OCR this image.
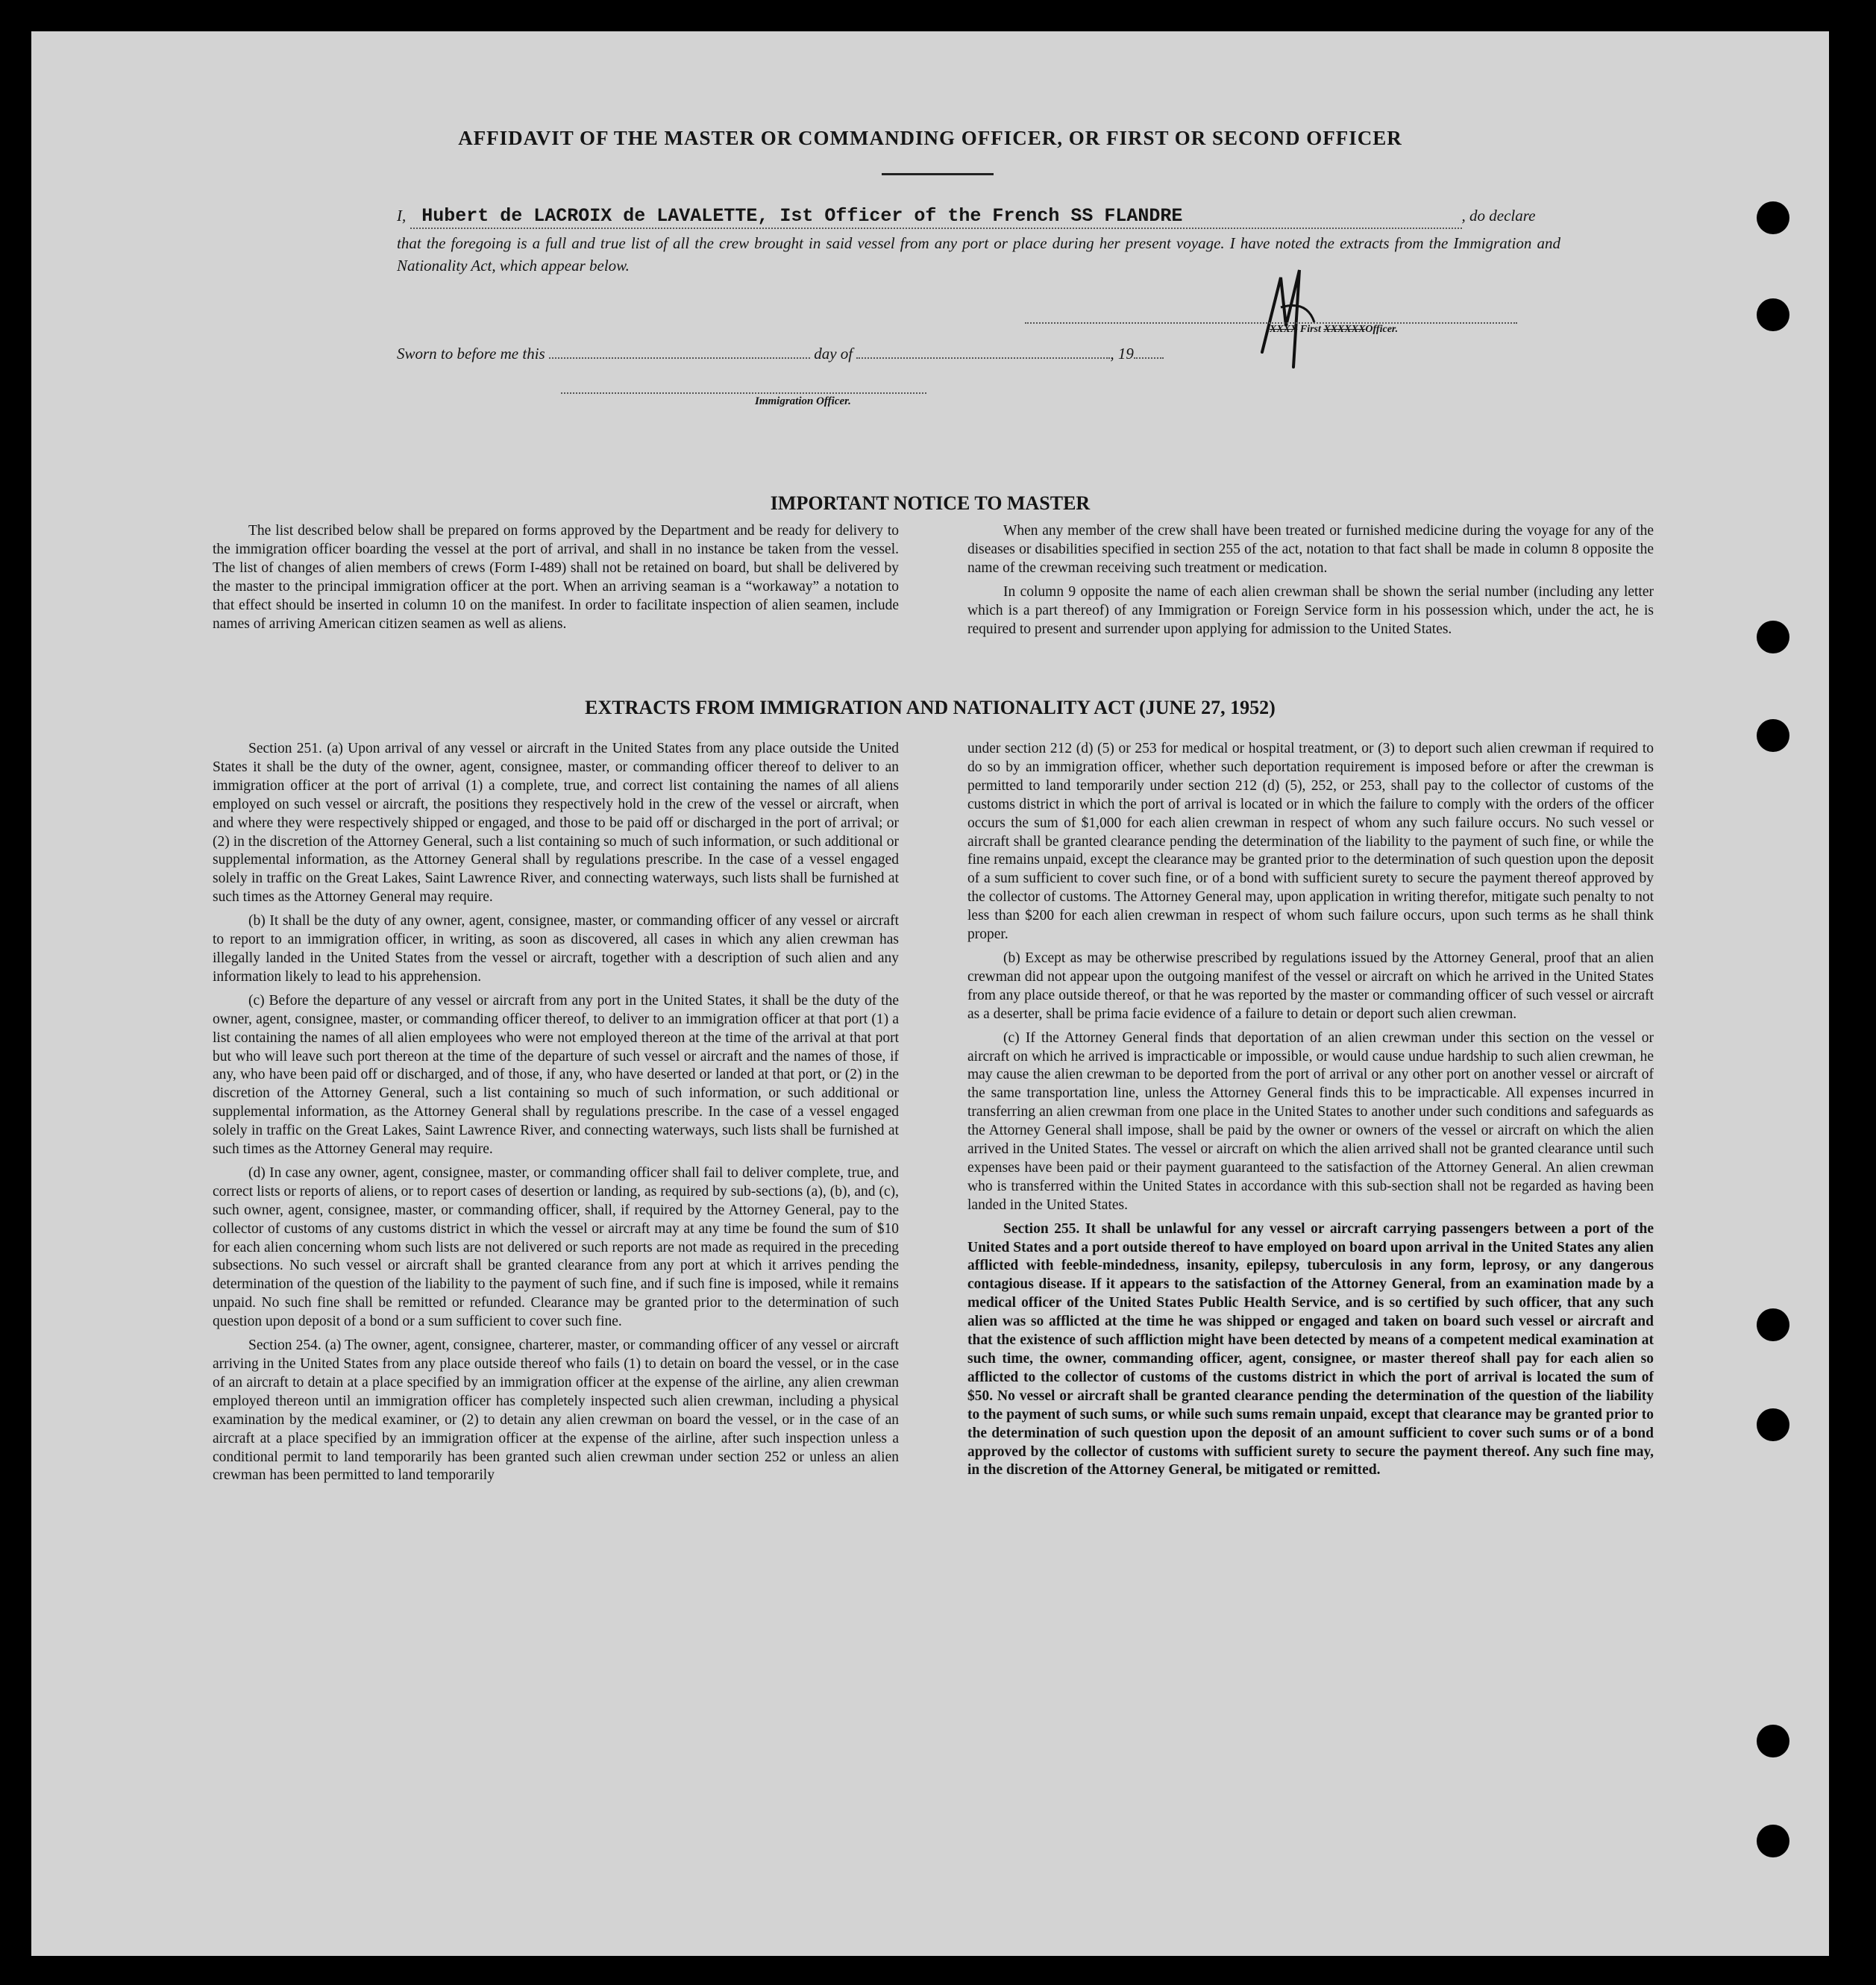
AFFIDAVIT OF THE MASTER OR COMMANDING OFFICER, OR FIRST OR SECOND OFFICER
I, Hubert de LACROIX de LAVALETTE, Ist Officer of the French SS FLANDRE	, do declare
that the foregoing is a full and true list of all the crew brought in said vessel from any port or place during her present voyage. I have noted the extracts from the Immigration and Nationality Act, which appear below.
XXXX First XXXXXXOfficer.
Sworn to before me this	day of	, 19
Immigration Officer.
IMPORTANT NOTICE TO MASTER

The list described below shall be prepared on forms approved by the Department and be ready for delivery to the immigration officer boarding the vessel at the port of arrival, and shall in no instance be taken from the vessel. The list of changes of alien members of crews (Form I-489) shall not be retained on board, but shall be delivered by the master to the principal immigration officer at the port. When an arriving seaman is a “workaway” a notation to that effect should be inserted in column 10 on the manifest. In order to facilitate inspection of alien seamen, include names of arriving American citizen seamen as well as aliens.

When any member of the crew shall have been treated or furnished medicine during the voyage for any of the diseases or disabilities specified in section 255 of the act, notation to that fact shall be made in column 8 opposite the name of the crewman receiving such treatment or medication.

In column 9 opposite the name of each alien crewman shall be shown the serial number (including any letter which is a part thereof) of any Immigration or Foreign Service form in his possession which, under the act, he is required to present and surrender upon applying for admission to the United States.

EXTRACTS FROM IMMIGRATION AND NATIONALITY ACT (JUNE 27, 1952)

Section 251. (a) Upon arrival of any vessel or aircraft in the United States from any place outside the United States it shall be the duty of the owner, agent, consignee, master, or commanding officer thereof to deliver to an immigration officer at the port of arrival (1) a complete, true, and correct list containing the names of all aliens employed on such vessel or aircraft, the positions they respectively hold in the crew of the vessel or aircraft, when and where they were respectively shipped or engaged, and those to be paid off or discharged in the port of arrival; or (2) in the discretion of the Attorney General, such a list containing so much of such information, or such additional or supplemental information, as the Attorney General shall by regulations prescribe. In the case of a vessel engaged solely in traffic on the Great Lakes, Saint Lawrence River, and connecting waterways, such lists shall be furnished at such times as the Attorney General may require.

(b) It shall be the duty of any owner, agent, consignee, master, or commanding officer of any vessel or aircraft to report to an immigration officer, in writing, as soon as discovered, all cases in which any alien crewman has illegally landed in the United States from the vessel or aircraft, together with a description of such alien and any information likely to lead to his apprehension.

(c) Before the departure of any vessel or aircraft from any port in the United States, it shall be the duty of the owner, agent, consignee, master, or commanding officer thereof, to deliver to an immigration officer at that port (1) a list containing the names of all alien employees who were not employed thereon at the time of the arrival at that port but who will leave such port thereon at the time of the departure of such vessel or aircraft and the names of those, if any, who have been paid off or discharged, and of those, if any, who have deserted or landed at that port, or (2) in the discretion of the Attorney General, such a list containing so much of such information, or such additional or supplemental information, as the Attorney General shall by regulations prescribe. In the case of a vessel engaged solely in traffic on the Great Lakes, Saint Lawrence River, and connecting waterways, such lists shall be furnished at such times as the Attorney General may require.

(d) In case any owner, agent, consignee, master, or commanding officer shall fail to deliver complete, true, and correct lists or reports of aliens, or to report cases of desertion or landing, as required by sub-sections (a), (b), and (c), such owner, agent, consignee, master, or commanding officer, shall, if required by the Attorney General, pay to the collector of customs of any customs district in which the vessel or aircraft may at any time be found the sum of $10 for each alien concerning whom such lists are not delivered or such reports are not made as required in the preceding subsections. No such vessel or aircraft shall be granted clearance from any port at which it arrives pending the determination of the question of the liability to the payment of such fine, and if such fine is imposed, while it remains unpaid. No such fine shall be remitted or refunded. Clearance may be granted prior to the determination of such question upon deposit of a bond or a sum sufficient to cover such fine.

Section 254. (a) The owner, agent, consignee, charterer, master, or commanding officer of any vessel or aircraft arriving in the United States from any place outside thereof who fails (1) to detain on board the vessel, or in the case of an aircraft to detain at a place specified by an immigration officer at the expense of the airline, any alien crewman employed thereon until an immigration officer has completely inspected such alien crewman, including a physical examination by the medical examiner, or (2) to detain any alien crewman on board the vessel, or in the case of an aircraft at a place specified by an immigration officer at the expense of the airline, after such inspection unless a conditional permit to land temporarily has been granted such alien crewman under section 252 or unless an alien crewman has been permitted to land temporarily

under section 212 (d) (5) or 253 for medical or hospital treatment, or (3) to deport such alien crewman if required to do so by an immigration officer, whether such deportation requirement is imposed before or after the crewman is permitted to land temporarily under section 212 (d) (5), 252, or 253, shall pay to the collector of customs of the customs district in which the port of arrival is located or in which the failure to comply with the orders of the officer occurs the sum of $1,000 for each alien crewman in respect of whom any such failure occurs. No such vessel or aircraft shall be granted clearance pending the determination of the liability to the payment of such fine, or while the fine remains unpaid, except the clearance may be granted prior to the determination of such question upon the deposit of a sum sufficient to cover such fine, or of a bond with sufficient surety to secure the payment thereof approved by the collector of customs. The Attorney General may, upon application in writing therefor, mitigate such penalty to not less than $200 for each alien crewman in respect of whom such failure occurs, upon such terms as he shall think proper.

(b) Except as may be otherwise prescribed by regulations issued by the Attorney General, proof that an alien crewman did not appear upon the outgoing manifest of the vessel or aircraft on which he arrived in the United States from any place outside thereof, or that he was reported by the master or commanding officer of such vessel or aircraft as a deserter, shall be prima facie evidence of a failure to detain or deport such alien crewman.

(c) If the Attorney General finds that deportation of an alien crewman under this section on the vessel or aircraft on which he arrived is impracticable or impossible, or would cause undue hardship to such alien crewman, he may cause the alien crewman to be deported from the port of arrival or any other port on another vessel or aircraft of the same transportation line, unless the Attorney General finds this to be impracticable. All expenses incurred in transferring an alien crewman from one place in the United States to another under such conditions and safeguards as the Attorney General shall impose, shall be paid by the owner or owners of the vessel or aircraft on which the alien arrived in the United States. The vessel or aircraft on which the alien arrived shall not be granted clearance until such expenses have been paid or their payment guaranteed to the satisfaction of the Attorney General. An alien crewman who is transferred within the United States in accordance with this sub-section shall not be regarded as having been landed in the United States.

Section 255. It shall be unlawful for any vessel or aircraft carrying passengers between a port of the United States and a port outside thereof to have employed on board upon arrival in the United States any alien afflicted with feeble-mindedness, insanity, epilepsy, tuberculosis in any form, leprosy, or any dangerous contagious disease. If it appears to the satisfaction of the Attorney General, from an examination made by a medical officer of the United States Public Health Service, and is so certified by such officer, that any such alien was so afflicted at the time he was shipped or engaged and taken on board such vessel or aircraft and that the existence of such affliction might have been detected by means of a competent medical examination at such time, the owner, commanding officer, agent, consignee, or master thereof shall pay for each alien so afflicted to the collector of customs of the customs district in which the port of arrival is located the sum of $50. No vessel or aircraft shall be granted clearance pending the determination of the question of the liability to the payment of such sums, or while such sums remain unpaid, except that clearance may be granted prior to the determination of such question upon the deposit of an amount sufficient to cover such sums or of a bond approved by the collector of customs with sufficient surety to secure the payment thereof. Any such fine may, in the discretion of the Attorney General, be mitigated or remitted.
